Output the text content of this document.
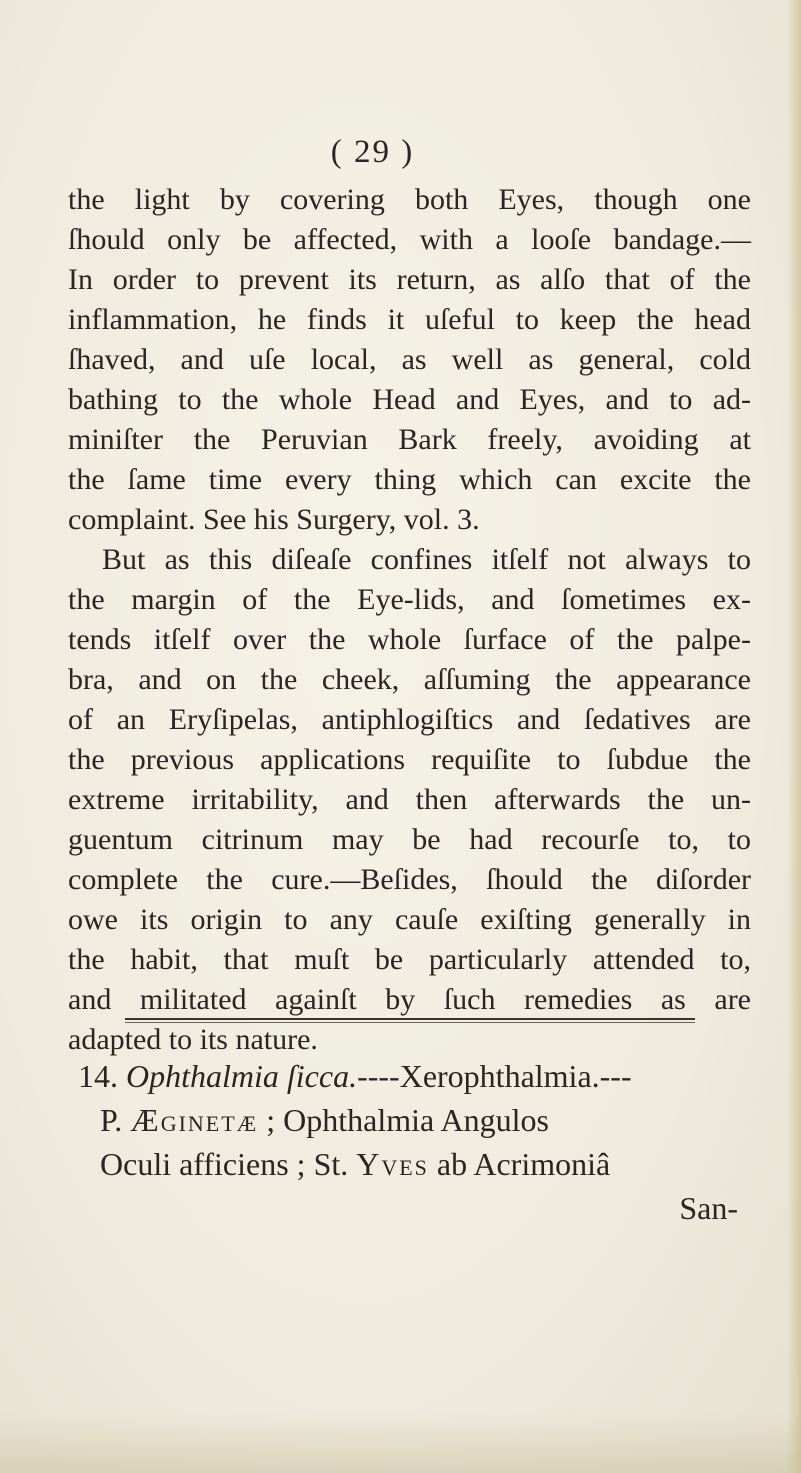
( 29 )
the light by covering both Eyes, though one
ſhould only be affected, with a looſe bandage.—
In order to prevent its return, as alſo that of the
inflammation, he finds it uſeful to keep the head
ſhaved, and uſe local, as well as general, cold
bathing to the whole Head and Eyes, and to ad-
miniſter the Peruvian Bark freely, avoiding at
the ſame time every thing which can excite the
complaint. See his Surgery, vol. 3.
But as this diſeaſe confines itſelf not always to
the margin of the Eye-lids, and ſometimes ex-
tends itſelf over the whole ſurface of the palpe-
bra, and on the cheek, aſſuming the appearance
of an Eryſipelas, antiphlogiſtics and ſedatives are
the previous applications requiſite to ſubdue the
extreme irritability, and then afterwards the un-
guentum citrinum may be had recourſe to, to
complete the cure.—Beſides, ſhould the diſorder
owe its origin to any cauſe exiſting generally in
the habit, that muſt be particularly attended to,
and militated againſt by ſuch remedies as are
adapted to its nature.
14. Ophthalmia ſicca.----Xerophthalmia.---
P. Æginetæ ; Ophthalmia Angulos
Oculi afficiens ; St. Yves ab Acrimoniâ
San-
